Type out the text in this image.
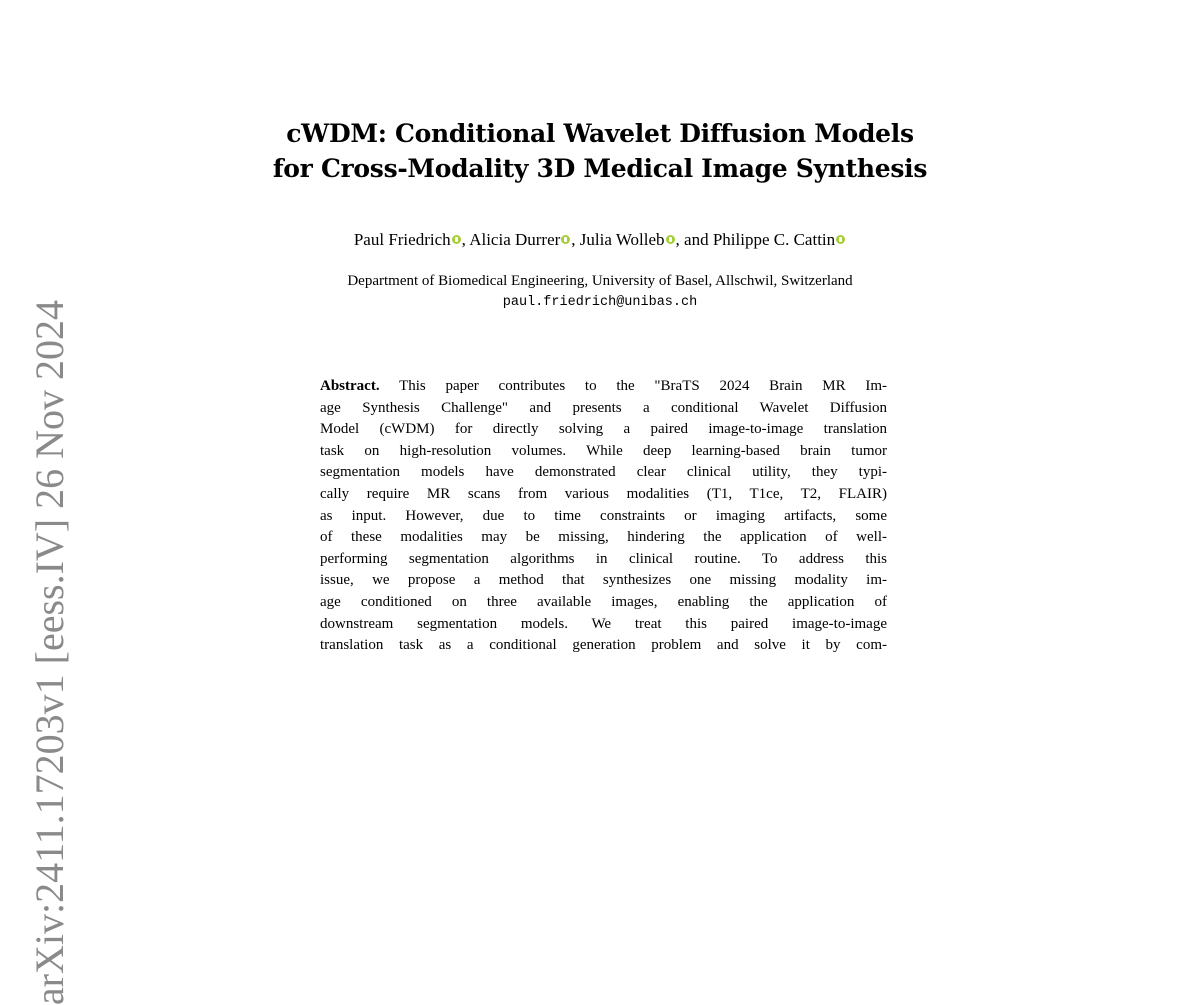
arXiv:2411.17203v1 [eess.IV] 26 Nov 2024
cWDM: Conditional Wavelet Diffusion Models
for Cross-Modality 3D Medical Image Synthesis
Paul Friedrich , Alicia Durrer , Julia Wolleb , and Philippe C. Cattin
Department of Biomedical Engineering, University of Basel, Allschwil, Switzerland
paul.friedrich@unibas.ch
Abstract. This paper contributes to the "BraTS 2024 Brain MR Im-
age Synthesis Challenge" and presents a conditional Wavelet Diffusion
Model (cWDM) for directly solving a paired image-to-image translation
task on high-resolution volumes. While deep learning-based brain tumor
segmentation models have demonstrated clear clinical utility, they typi-
cally require MR scans from various modalities (T1, T1ce, T2, FLAIR)
as input. However, due to time constraints or imaging artifacts, some
of these modalities may be missing, hindering the application of well-
performing segmentation algorithms in clinical routine. To address this
issue, we propose a method that synthesizes one missing modality im-
age conditioned on three available images, enabling the application of
downstream segmentation models. We treat this paired image-to-image
translation task as a conditional generation problem and solve it by com-
